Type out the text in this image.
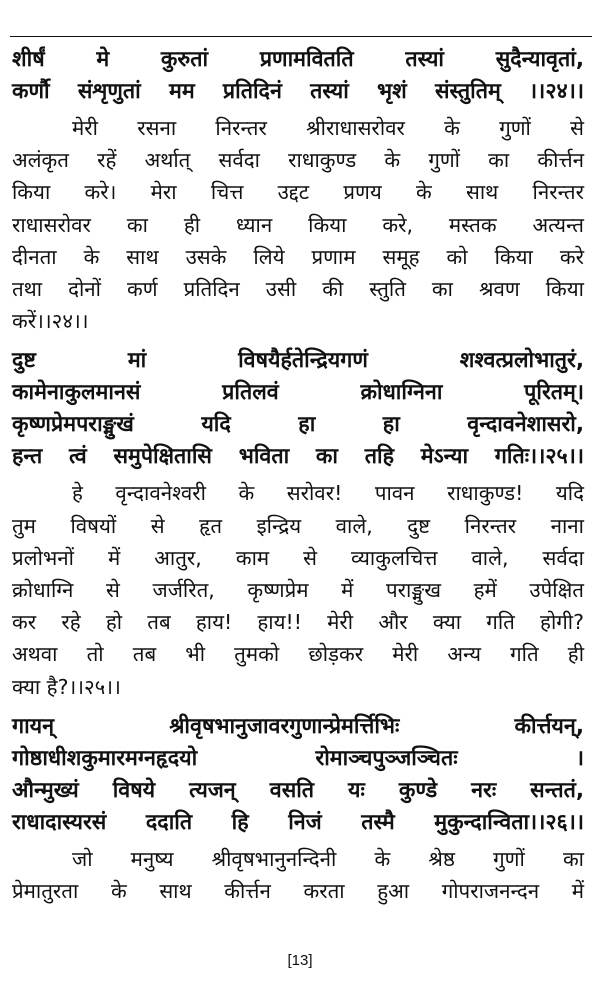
शीर्षं मे कुरुतां प्रणामवितति तस्यां सुदैन्यावृतां,
कर्णौ संशृणुतां मम प्रतिदिनं तस्यां भृशं संस्तुतिम् ।।२४।।
मेरी रसना निरन्तर श्रीराधासरोवर के गुणों से
अलंकृत रहें अर्थात् सर्वदा राधाकुण्ड के गुणों का कीर्त्तन
किया करे। मेरा चित्त उद्दट प्रणय के साथ निरन्तर
राधासरोवर का ही ध्यान किया करे, मस्तक अत्यन्त
दीनता के साथ उसके लिये प्रणाम समूह को किया करे
तथा दोनों कर्ण प्रतिदिन उसी की स्तुति का श्रवण किया
करें।।२४।।
दुष्ट मां विषयैर्हतेन्द्रियगणं शश्वत्प्रलोभातुरं,
कामेनाकुलमानसं प्रतिलवं क्रोधाग्निना पूरितम्।
कृष्णप्रेमपराङ्मुखं यदि हा हा वृन्दावनेशासरो,
हन्त त्वं समुपेक्षितासि भविता का तहि मेऽन्या गतिः।।२५।।
हे वृन्दावनेश्वरी के सरोवर! पावन राधाकुण्ड! यदि
तुम विषयों से हृत इन्द्रिय वाले, दुष्ट निरन्तर नाना
प्रलोभनों में आतुर, काम से व्याकुलचित्त वाले, सर्वदा
क्रोधाग्नि से जर्जरित, कृष्णप्रेम में पराङ्मुख हमें उपेक्षित
कर रहे हो तब हाय! हाय!! मेरी और क्या गति होगी?
अथवा तो तब भी तुमको छोड़कर मेरी अन्य गति ही
क्या है?।।२५।।
गायन् श्रीवृषभानुजावरगुणान्प्रेमर्त्तिभिः कीर्त्तयन्,
गोष्ठाधीशकुमारमग्नहृदयो रोमाञ्चपुञ्जञ्चितः ।
औन्मुख्यं विषये त्यजन् वसति यः कुण्डे नरः सन्ततं,
राधादास्यरसं ददाति हि निजं तस्मै मुकुन्दान्विता।।२६।।
जो मनुष्य श्रीवृषभानुनन्दिनी के श्रेष्ठ गुणों का
प्रेमातुरता के साथ कीर्त्तन करता हुआ गोपराजनन्दन में
[13]
